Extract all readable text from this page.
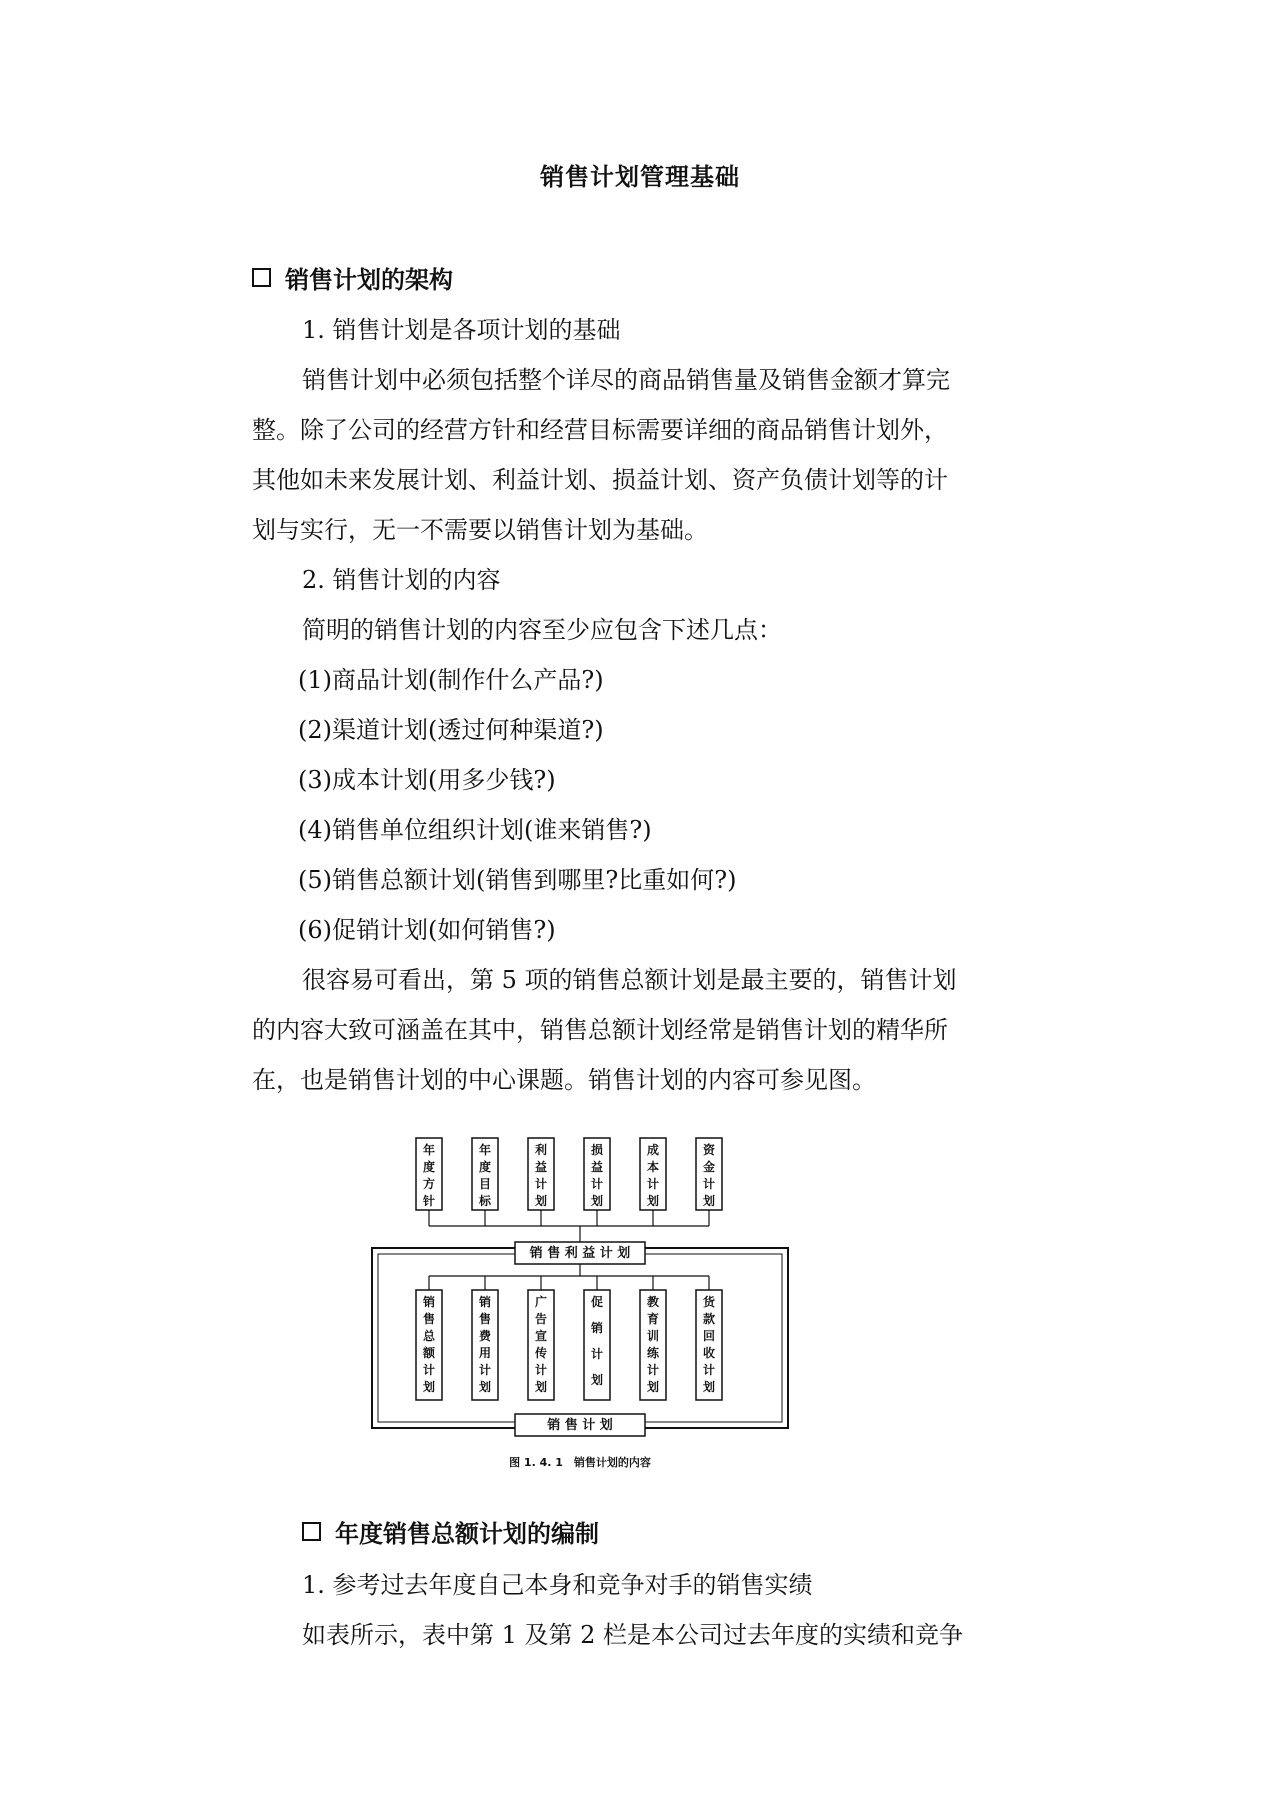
销售计划管理基础
销售计划的架构
1. 销售计划是各项计划的基础
销售计划中必须包括整个详尽的商品销售量及销售金额才算完
整。除了公司的经营方针和经营目标需要详细的商品销售计划外，
其他如未来发展计划、利益计划、损益计划、资产负债计划等的计
划与实行，无一不需要以销售计划为基础。
2. 销售计划的内容
简明的销售计划的内容至少应包含下述几点：
(1)商品计划(制作什么产品?)
(2)渠道计划(透过何种渠道?)
(3)成本计划(用多少钱?)
(4)销售单位组织计划(谁来销售?)
(5)销售总额计划(销售到哪里?比重如何?)
(6)促销计划(如何销售?)
很容易可看出，第 5 项的销售总额计划是最主要的，销售计划
的内容大致可涵盖在其中，销售总额计划经常是销售计划的精华所
在，也是销售计划的中心课题。销售计划的内容可参见图。
年
度
方
针
年
度
目
标
利
益
计
划
损
益
计
划
成
本
计
划
资
金
计
划
销 售 利 益 计 划
销
售
总
额
计
划
销
售
费
用
计
划
广
告
宣
传
计
划
促
销
计
划
教
育
训
练
计
划
货
款
回
收
计
划
销 售 计 划
图 1. 4. 1　销售计划的内容
年度销售总额计划的编制
1. 参考过去年度自己本身和竞争对手的销售实绩
如表所示，表中第 1 及第 2 栏是本公司过去年度的实绩和竞争
